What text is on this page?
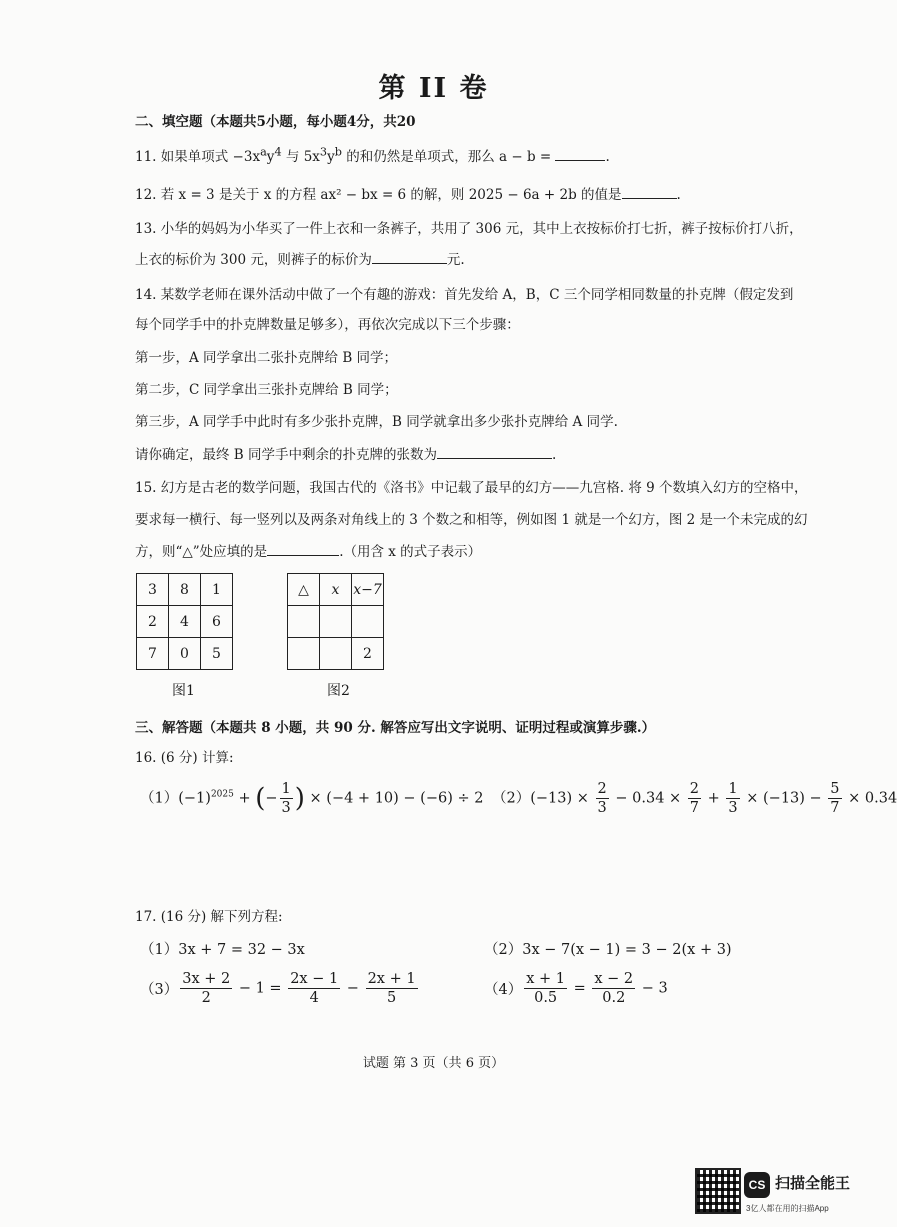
第 II 卷
二、填空题（本题共5小题，每小题4分，共20
11. 如果单项式 $-3x^ay^4$ 与 $5x^3y^b$ 的和仍然是单项式，那么 a − b =	.
12. 若 x = 3 是关于 x 的方程 ax² − bx = 6 的解，则 2025 − 6a + 2b 的值是	.
13. 小华的妈妈为小华买了一件上衣和一条裤子，共用了 306 元，其中上衣按标价打七折，裤子按标价打八折，
上衣的标价为 300 元，则裤子的标价为	元.
14. 某数学老师在课外活动中做了一个有趣的游戏：首先发给 A，B，C 三个同学相同数量的扑克牌（假定发到
每个同学手中的扑克牌数量足够多），再依次完成以下三个步骤：
第一步，A 同学拿出二张扑克牌给 B 同学；
第二步，C 同学拿出三张扑克牌给 B 同学；
第三步，A 同学手中此时有多少张扑克牌，B 同学就拿出多少张扑克牌给 A 同学.
请你确定，最终 B 同学手中剩余的扑克牌的张数为	.
15. 幻方是古老的数学问题，我国古代的《洛书》中记载了最早的幻方——九宫格. 将 9 个数填入幻方的空格中，
要求每一横行、每一竖列以及两条对角线上的 3 个数之和相等，例如图 1 就是一个幻方，图 2 是一个未完成的幻
方，则“△”处应填的是	.（用含 x 的式子表示）
3	8	1
2	4	6
7	0	5
图1
△	x	x−7

		2
图2
三、解答题（本题共 8 小题，共 90 分. 解答应写出文字说明、证明过程或演算步骤.）
16. (6 分) 计算:
$(1)(-1)^{2025}$ + (− $\frac{1}{3}$ ) × (−4 + 10) − (−6) ÷ 2 $(2)(-13) \times \frac{2}{3} - 0.34 \times \frac{2}{7} + \frac{1}{3} \times (-13) - \frac{5}{7} \times 0.34$
17. (16 分) 解下列方程:
（1）3x + 7 = 32 − 3x	（2）3x − 7(x − 1) = 3 − 2(x + 3)
$(3) \frac{3x + 2}{2} - 1 = \frac{2x - 1}{4} - \frac{2x + 1}{5}$	$(4) \frac{x + 1}{0.5} = \frac{x - 2}{0.2} - 3$
试题 第 3 页（共 6 页）
CS 扫描全能王
3亿人都在用的扫描App
